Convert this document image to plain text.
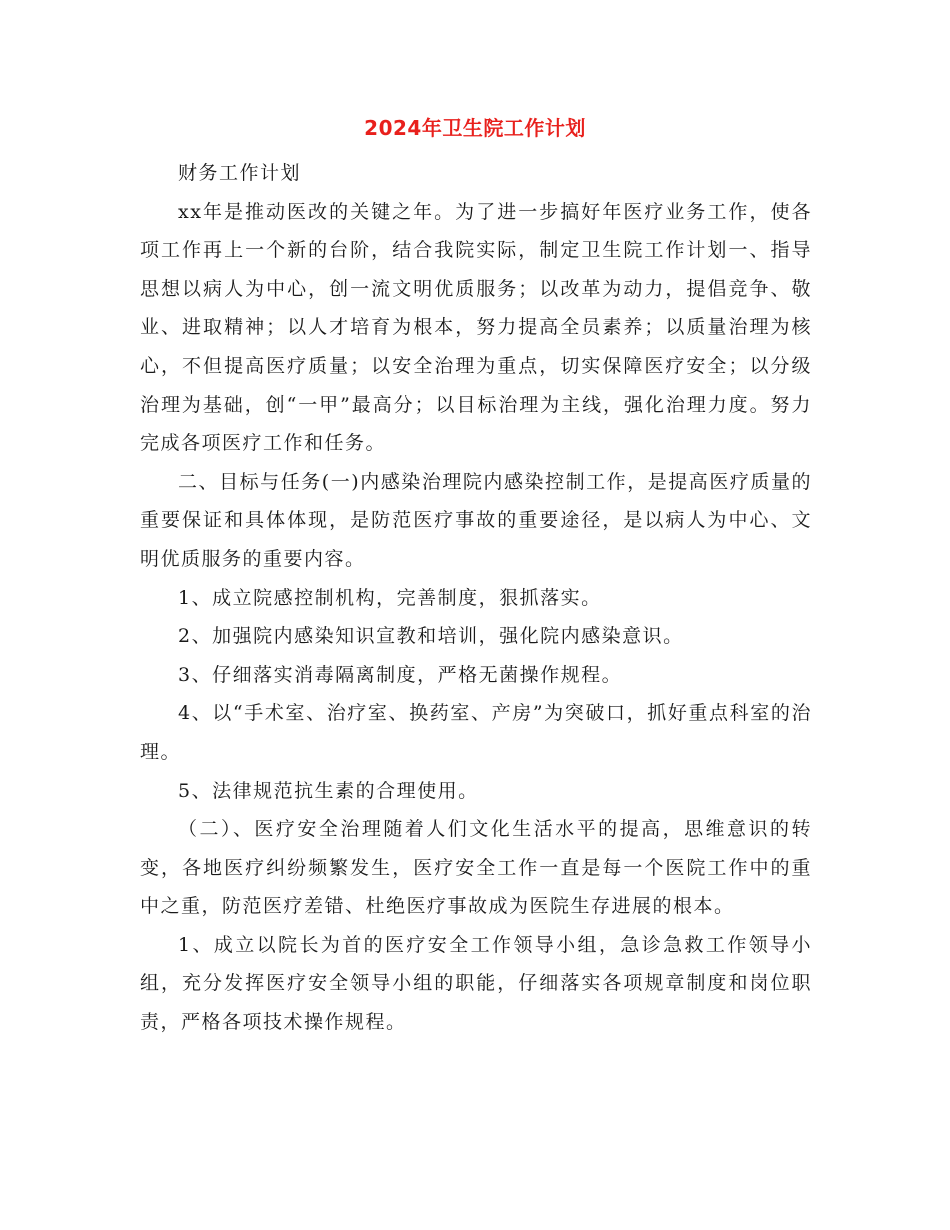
2024年卫生院工作计划

财务工作计划

xx年是推动医改的关键之年。为了进一步搞好年医疗业务工作，使各项工作再上一个新的台阶，结合我院实际，制定卫生院工作计划一、指导思想以病人为中心，创一流文明优质服务；以改革为动力，提倡竞争、敬业、进取精神；以人才培育为根本，努力提高全员素养；以质量治理为核心，不但提高医疗质量；以安全治理为重点，切实保障医疗安全；以分级治理为基础，创“一甲”最高分；以目标治理为主线，强化治理力度。努力完成各项医疗工作和任务。

二、目标与任务(一)内感染治理院内感染控制工作，是提高医疗质量的重要保证和具体体现，是防范医疗事故的重要途径，是以病人为中心、文明优质服务的重要内容。

1、成立院感控制机构，完善制度，狠抓落实。

2、加强院内感染知识宣教和培训，强化院内感染意识。

3、仔细落实消毒隔离制度，严格无菌操作规程。

4、以“手术室、治疗室、换药室、产房”为突破口，抓好重点科室的治理。

5、法律规范抗生素的合理使用。

（二）、医疗安全治理随着人们文化生活水平的提高，思维意识的转变，各地医疗纠纷频繁发生，医疗安全工作一直是每一个医院工作中的重中之重，防范医疗差错、杜绝医疗事故成为医院生存进展的根本。

1、成立以院长为首的医疗安全工作领导小组，急诊急救工作领导小组，充分发挥医疗安全领导小组的职能，仔细落实各项规章制度和岗位职责，严格各项技术操作规程。
